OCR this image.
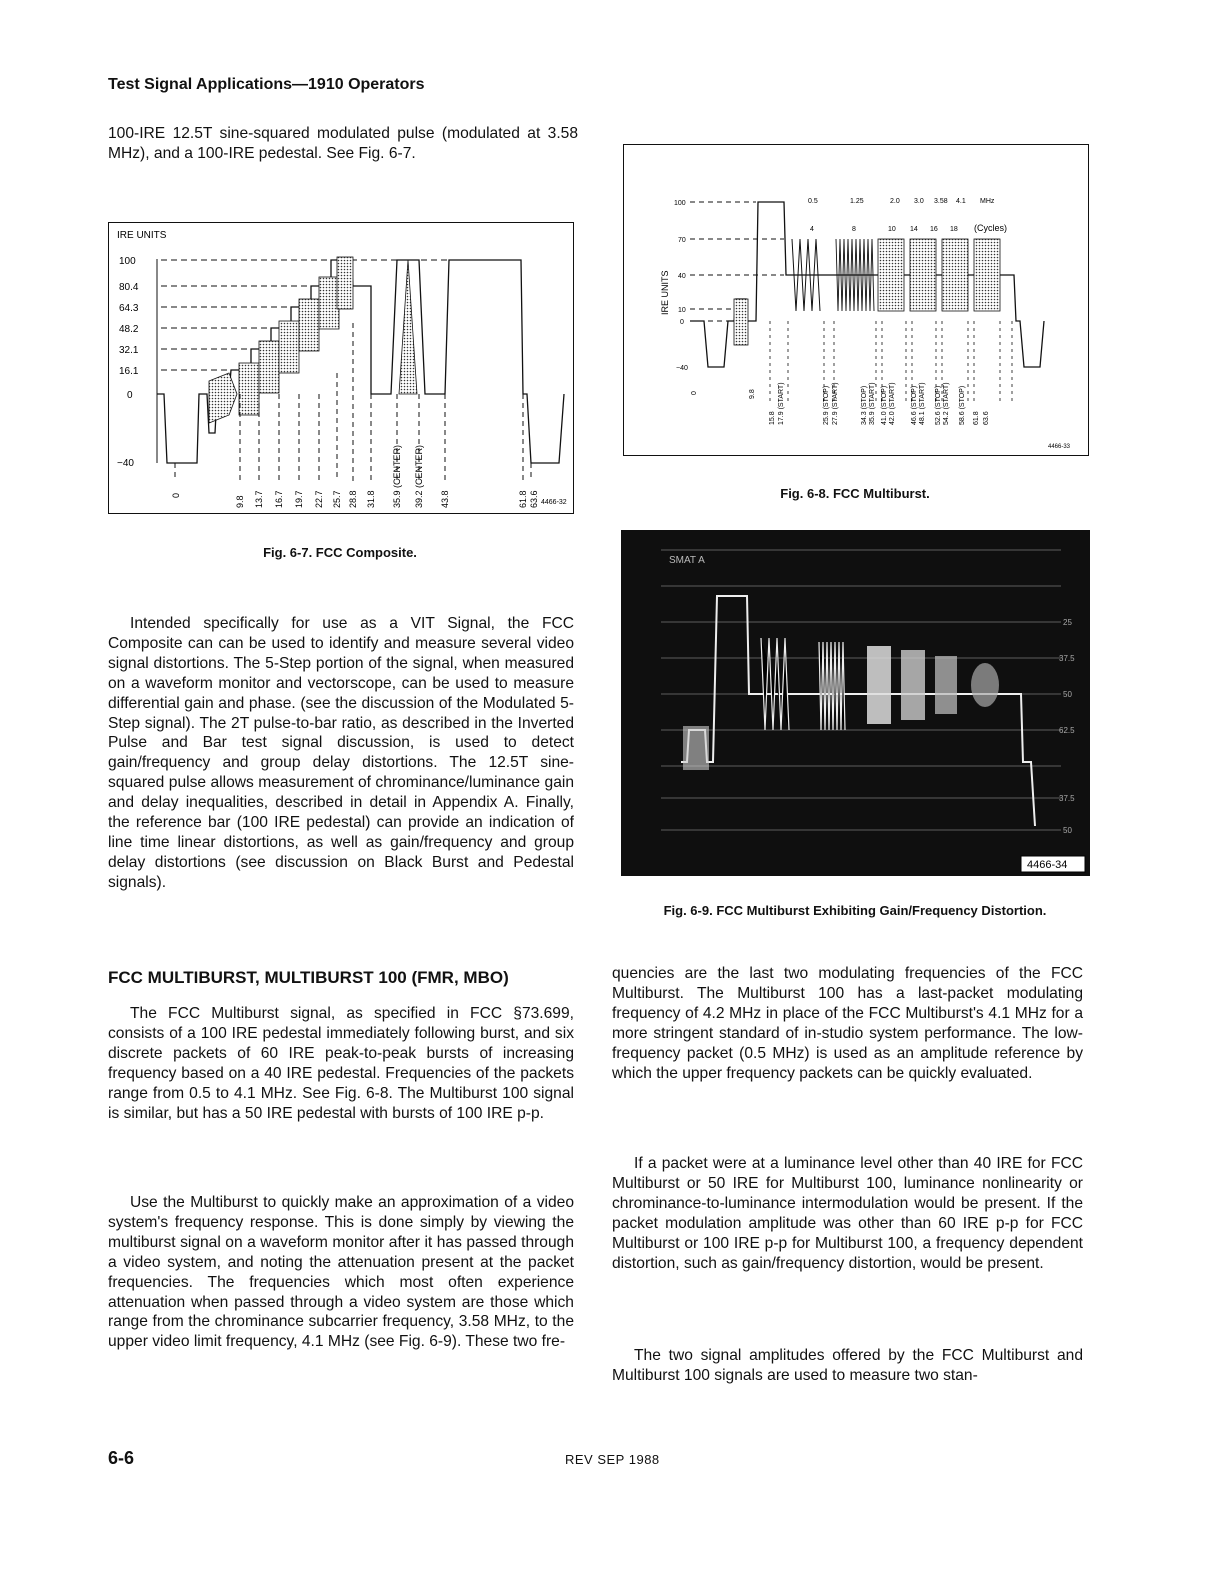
Test Signal Applications—1910 Operators

100-IRE 12.5T sine-squared modulated pulse (modulated at 3.58 MHz), and a 100-IRE pedestal. See Fig. 6-7.

IRE UNITS
100
80.4
64.3
48.2
32.1
16.1
0
−40
0	9.8 13.7 16.7 19.7 22.7 25.7 28.8 31.8 35.9 (CENTER) 39.2 (CENTER) 43.8	61.8 63.6 4466-32
Fig. 6-7. FCC Composite.

Intended specifically for use as a VIT Signal, the FCC Composite can can be used to identify and measure several video signal distortions. The 5-Step portion of the signal, when measured on a waveform monitor and vectorscope, can be used to measure differential gain and phase. (see the discussion of the Modulated 5-Step signal). The 2T pulse-to-bar ratio, as described in the Inverted Pulse and Bar test signal discussion, is used to detect gain/frequency and group delay distortions. The 12.5T sine-squared pulse allows measurement of chrominance/luminance gain and delay inequalities, described in detail in Appendix A. Finally, the reference bar (100 IRE pedestal) can provide an indication of line time linear distortions, as well as gain/frequency and group delay distortions (see discussion on Black Burst and Pedestal signals).

FCC MULTIBURST, MULTIBURST 100 (FMR, MBO)

The FCC Multiburst signal, as specified in FCC §73.699, consists of a 100 IRE pedestal immediately following burst, and six discrete packets of 60 IRE peak-to-peak bursts of increasing frequency based on a 40 IRE pedestal. Frequencies of the packets range from 0.5 to 4.1 MHz. See Fig. 6-8. The Multiburst 100 signal is similar, but has a 50 IRE pedestal with bursts of 100 IRE p-p.

Use the Multiburst to quickly make an approximation of a video system's frequency response. This is done simply by viewing the multiburst signal on a waveform monitor after it has passed through a video system, and noting the attenuation present at the packet frequencies. The frequencies which most often experience attenuation when passed through a video system are those which range from the chrominance subcarrier frequency, 3.58 MHz, to the upper video limit frequency, 4.1 MHz (see Fig. 6-9). These two fre-

IRE UNITS
100
70
40
10
0
−40
0.5	1.25	2.0 3.0 3.58 4.1 MHz
4	8	10 14 16 18 (Cycles)
0	9.8
15.8 17.9 (START)	25.9 (STOP) 27.9 (START)	34.3 (STOP) 35.9 (START) 41.0 (STOP) 42.0 (START) 46.6 (STOP) 48.1 (START) 52.6 (STOP) 54.2 (START) 58.6 (STOP) 61.8 63.6
4466-33
Fig. 6-8. FCC Multiburst.
SMAT A
25
37.5
50
62.5
37.5
50
4466-34
Fig. 6-9. FCC Multiburst Exhibiting Gain/Frequency Distortion.

quencies are the last two modulating frequencies of the FCC Multiburst. The Multiburst 100 has a last-packet modulating frequency of 4.2 MHz in place of the FCC Multiburst's 4.1 MHz for a more stringent standard of in-studio system performance. The low-frequency packet (0.5 MHz) is used as an amplitude reference by which the upper frequency packets can be quickly evaluated.

If a packet were at a luminance level other than 40 IRE for FCC Multiburst or 50 IRE for Multiburst 100, luminance nonlinearity or chrominance-to-luminance intermodulation would be present. If the packet modulation amplitude was other than 60 IRE p-p for FCC Multiburst or 100 IRE p-p for Multiburst 100, a frequency dependent distortion, such as gain/frequency distortion, would be present.

The two signal amplitudes offered by the FCC Multiburst and Multiburst 100 signals are used to measure two stan-

6-6	REV SEP 1988
